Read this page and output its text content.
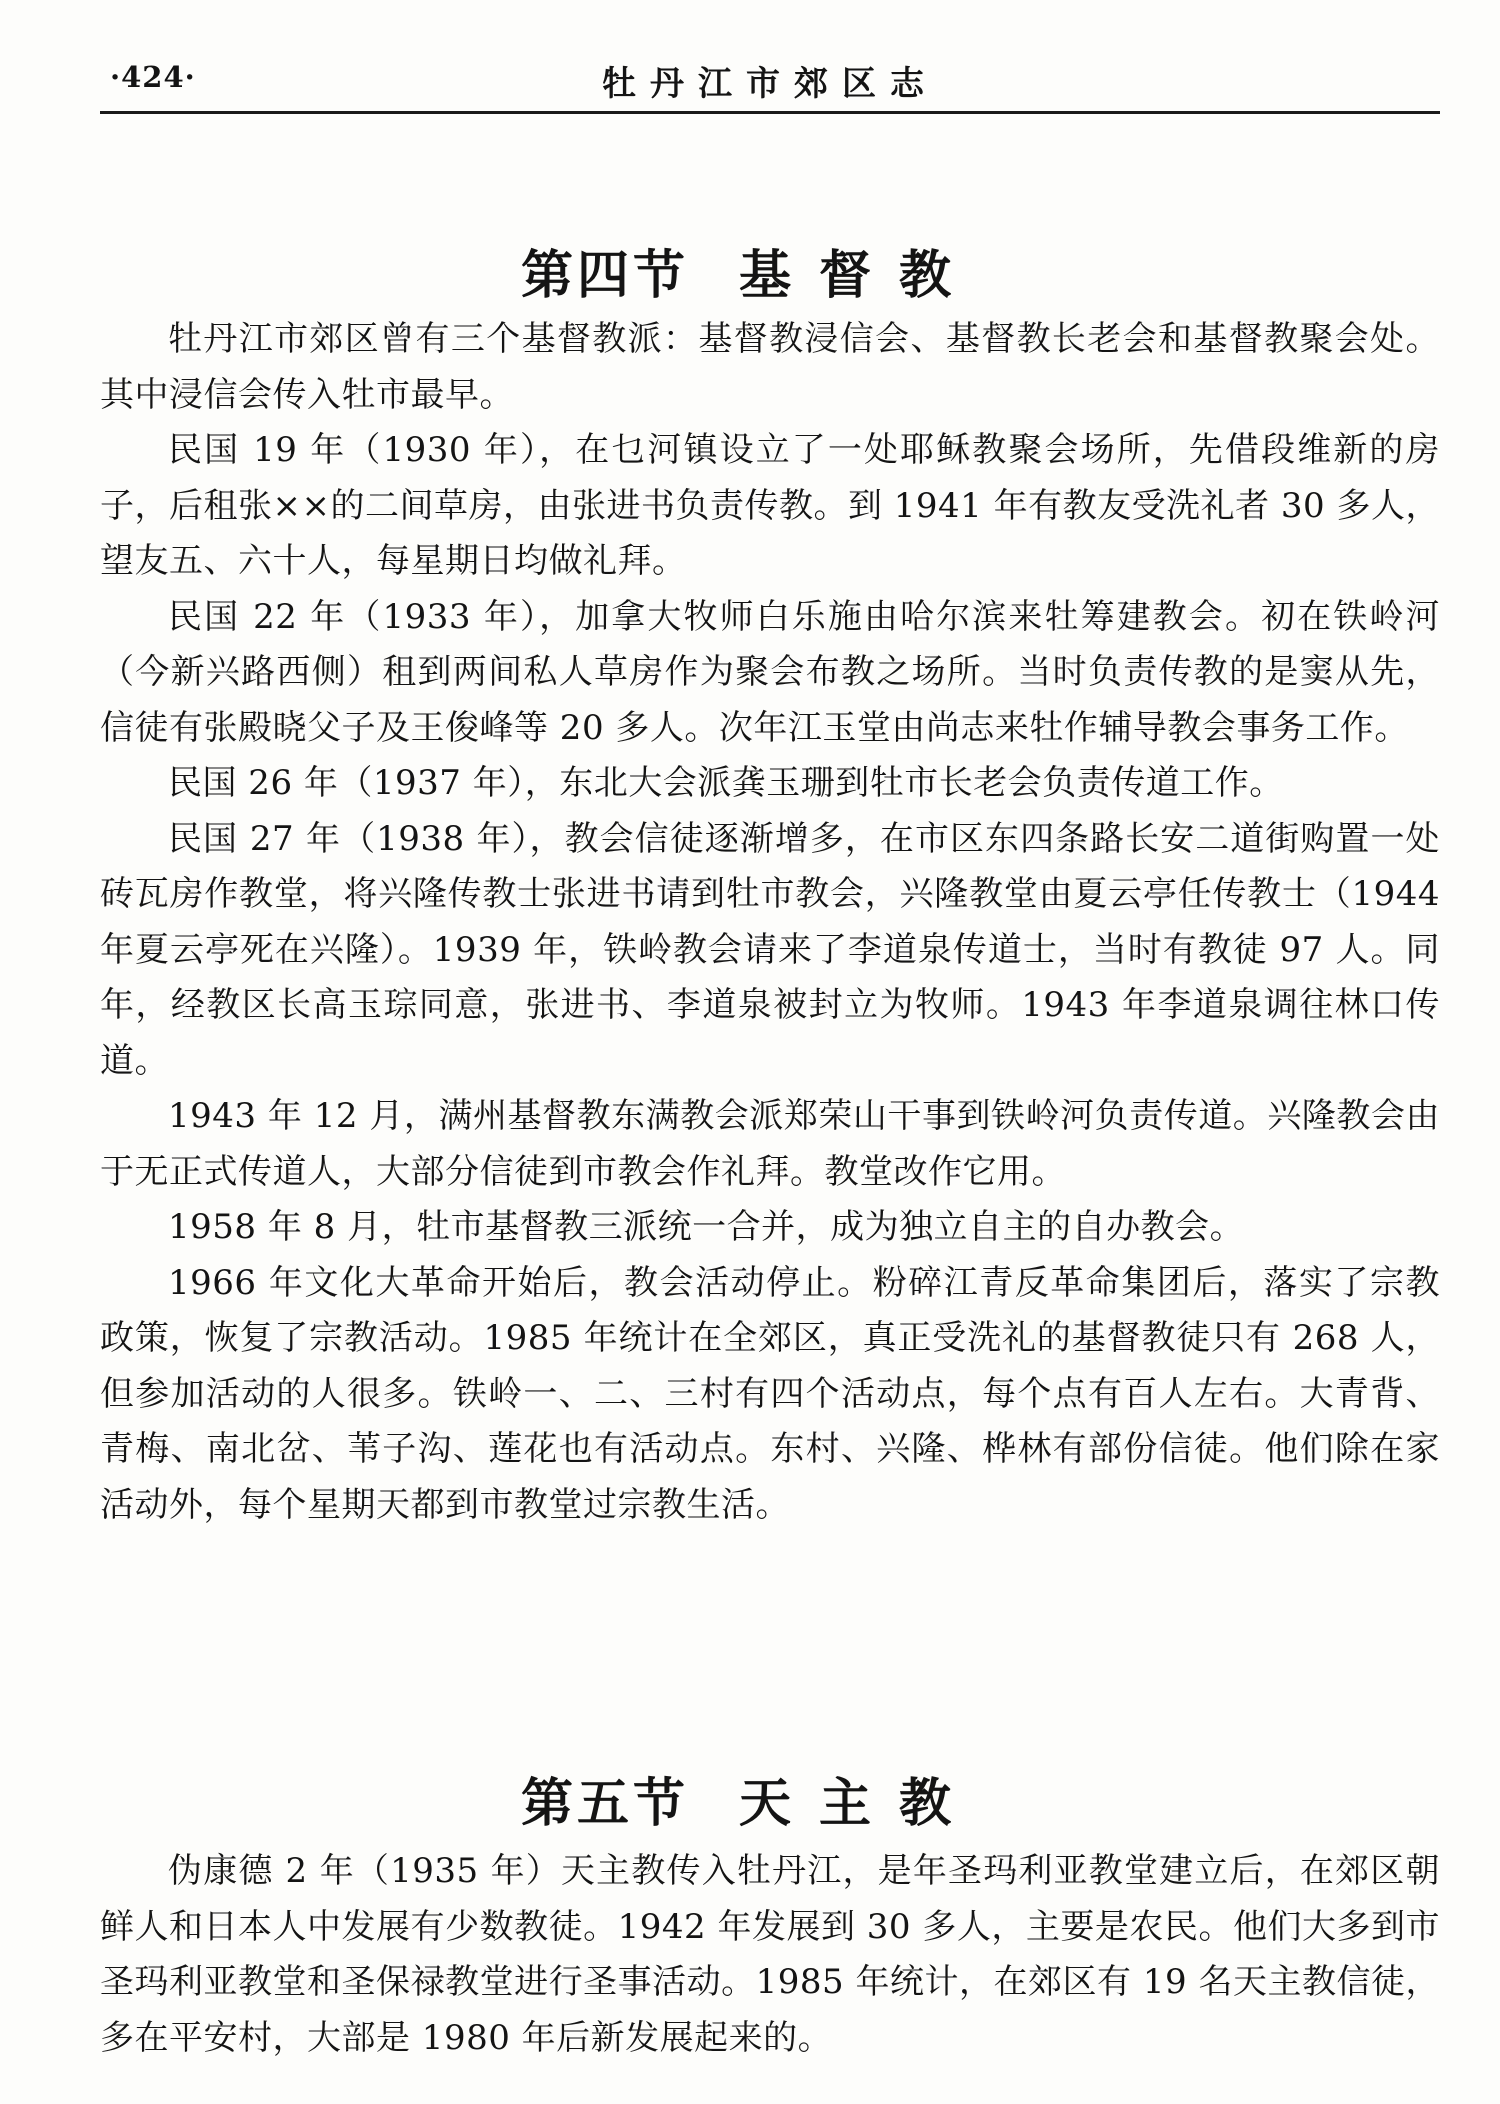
·424·	牡丹江市郊区志
第四节 基督教

牡丹江市郊区曾有三个基督教派：基督教浸信会、基督教长老会和基督教聚会处。其中浸信会传入牡市最早。

民国 19 年（1930 年），在乜河镇设立了一处耶稣教聚会场所，先借段维新的房子，后租张××的二间草房，由张进书负责传教。到 1941 年有教友受洗礼者 30 多人，望友五、六十人，每星期日均做礼拜。

民国 22 年（1933 年），加拿大牧师白乐施由哈尔滨来牡筹建教会。初在铁岭河（今新兴路西侧）租到两间私人草房作为聚会布教之场所。当时负责传教的是窦从先，信徒有张殿晓父子及王俊峰等 20 多人。次年江玉堂由尚志来牡作辅导教会事务工作。

民国 26 年（1937 年），东北大会派龚玉珊到牡市长老会负责传道工作。

民国 27 年（1938 年），教会信徒逐渐增多，在市区东四条路长安二道街购置一处砖瓦房作教堂，将兴隆传教士张进书请到牡市教会，兴隆教堂由夏云亭任传教士（1944 年夏云亭死在兴隆）。1939 年，铁岭教会请来了李道泉传道士，当时有教徒 97 人。同年，经教区长高玉琮同意，张进书、李道泉被封立为牧师。1943 年李道泉调往林口传道。

1943 年 12 月，满州基督教东满教会派郑荣山干事到铁岭河负责传道。兴隆教会由于无正式传道人，大部分信徒到市教会作礼拜。教堂改作它用。

1958 年 8 月，牡市基督教三派统一合并，成为独立自主的自办教会。

1966 年文化大革命开始后，教会活动停止。粉碎江青反革命集团后，落实了宗教政策，恢复了宗教活动。1985 年统计在全郊区，真正受洗礼的基督教徒只有 268 人，但参加活动的人很多。铁岭一、二、三村有四个活动点，每个点有百人左右。大青背、青梅、南北岔、苇子沟、莲花也有活动点。东村、兴隆、桦林有部份信徒。他们除在家活动外，每个星期天都到市教堂过宗教生活。

第五节 天主教

伪康德 2 年（1935 年）天主教传入牡丹江，是年圣玛利亚教堂建立后，在郊区朝鲜人和日本人中发展有少数教徒。1942 年发展到 30 多人，主要是农民。他们大多到市圣玛利亚教堂和圣保禄教堂进行圣事活动。1985 年统计，在郊区有 19 名天主教信徒，多在平安村，大部是 1980 年后新发展起来的。
